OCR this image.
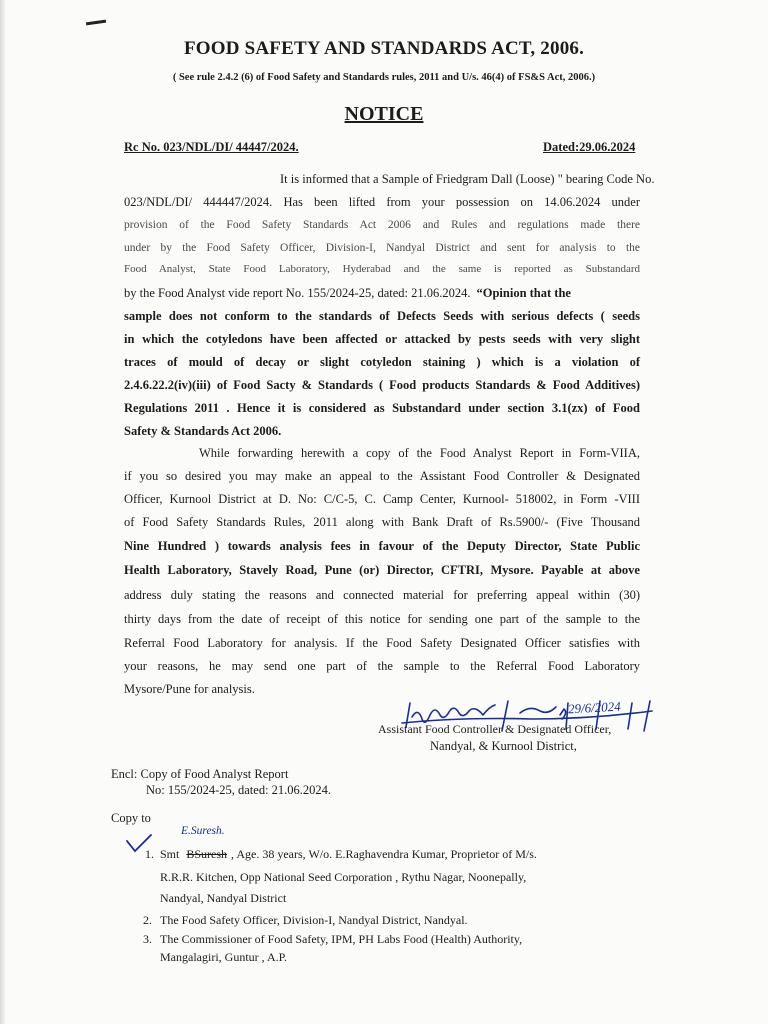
FOOD SAFETY AND STANDARDS ACT, 2006.
( See rule 2.4.2 (6) of Food Safety and Standards rules, 2011 and U/s. 46(4) of FS&S Act, 2006.)
NOTICE
Rc No. 023/NDL/DI/ 44447/2024.	Dated:29.06.2024
It is informed that a Sample of Friedgram Dall (Loose) " bearing Code No.
023/NDL/DI/ 444447/2024. Has been lifted from your possession on 14.06.2024 under
provision of the Food Safety Standards Act 2006 and Rules and regulations made there
under by the Food Safety Officer, Division-I, Nandyal District and sent for analysis to the
Food Analyst, State Food Laboratory, Hyderabad and the same is reported as Substandard
by the Food Analyst vide report No. 155/2024-25, dated: 21.06.2024. “Opinion that the
sample does not conform to the standards of Defects Seeds with serious defects ( seeds
in which the cotyledons have been affected or attacked by pests seeds with very slight
traces of mould of decay or slight cotyledon staining ) which is a violation of
2.4.6.22.2(iv)(iii) of Food Sacty & Standards ( Food products Standards & Food Additives)
Regulations 2011 . Hence it is considered as Substandard under section 3.1(zx) of Food
Safety & Standards Act 2006.
While forwarding herewith a copy of the Food Analyst Report in Form-VIIA,
if you so desired you may make an appeal to the Assistant Food Controller & Designated
Officer, Kurnool District at D. No: C/C-5, C. Camp Center, Kurnool- 518002, in Form -VIII
of Food Safety Standards Rules, 2011 along with Bank Draft of Rs.5900/- (Five Thousand
Nine Hundred ) towards analysis fees in favour of the Deputy Director, State Public
Health Laboratory, Stavely Road, Pune (or) Director, CFTRI, Mysore. Payable at above
address duly stating the reasons and connected material for preferring appeal within (30)
thirty days from the date of receipt of this notice for sending one part of the sample to the
Referral Food Laboratory for analysis. If the Food Safety Designated Officer satisfies with
your reasons, he may send one part of the sample to the Referral Food Laboratory
Mysore/Pune for analysis.
29/6/2024
Assistant Food Controller & Designated Officer,
Nandyal, & Kurnool District,
Encl: Copy of Food Analyst Report
No: 155/2024-25, dated: 21.06.2024.
Copy to
E.Suresh.
1. Smt BSuresh , Age. 38 years, W/o. E.Raghavendra Kumar, Proprietor of M/s.
R.R.R. Kitchen, Opp National Seed Corporation , Rythu Nagar, Noonepally,
Nandyal, Nandyal District
2. The Food Safety Officer, Division-I, Nandyal District, Nandyal.
3. The Commissioner of Food Safety, IPM, PH Labs Food (Health) Authority,
Mangalagiri, Guntur , A.P.
